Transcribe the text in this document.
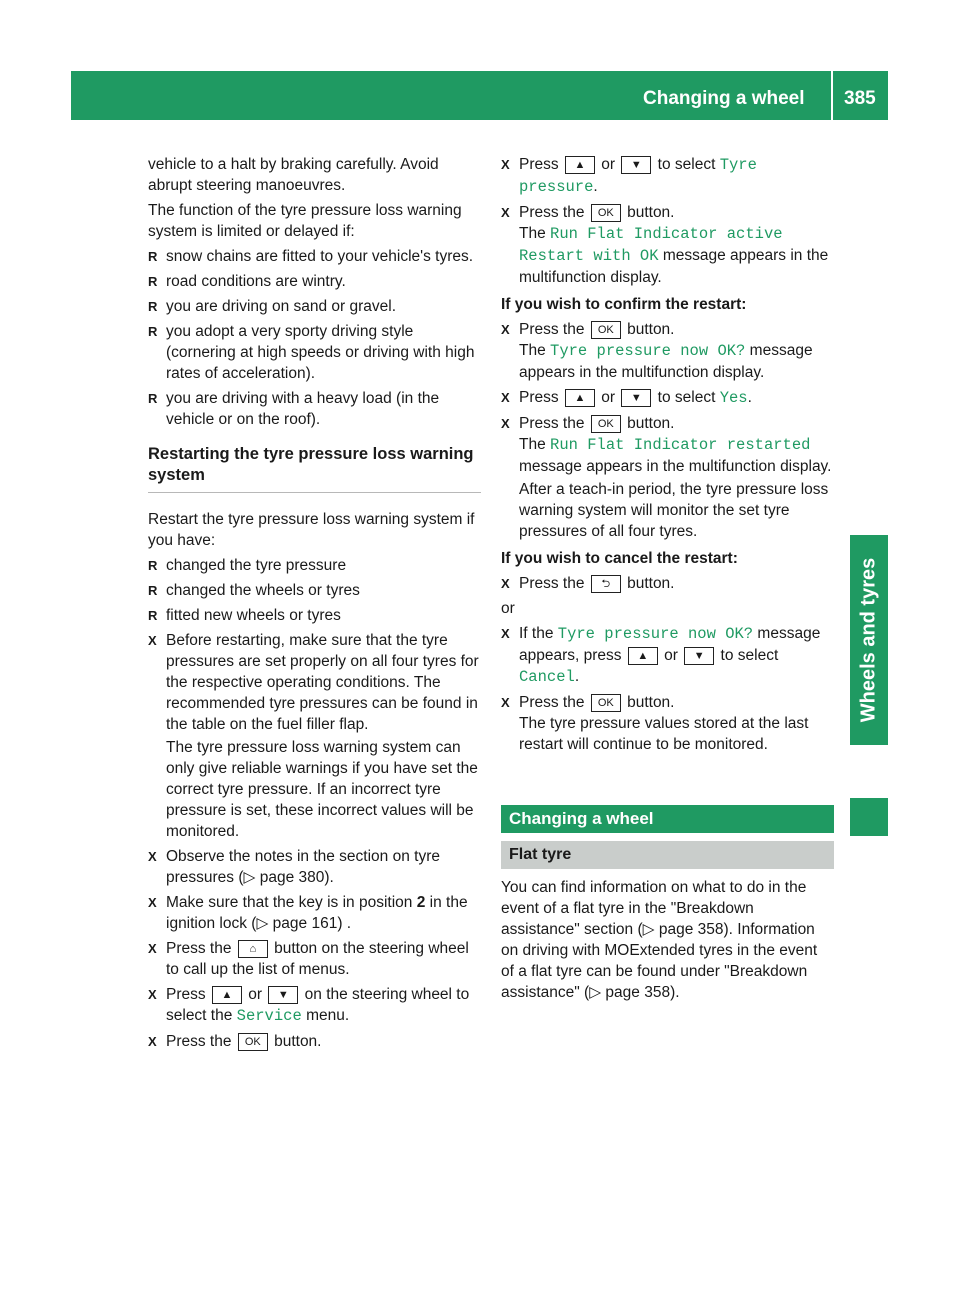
Changing a wheel 385
Wheels and tyres

vehicle to a halt by braking carefully. Avoid abrupt steering manoeuvres.

The function of the tyre pressure loss warning system is limited or delayed if:

R snow chains are fitted to your vehicle's tyres.
R road conditions are wintry.
R you are driving on sand or gravel.
R you adopt a very sporty driving style (cornering at high speeds or driving with high rates of acceleration).
R you are driving with a heavy load (in the vehicle or on the roof).
Restarting the tyre pressure loss warning system

Restart the tyre pressure loss warning system if you have:

R changed the tyre pressure
R changed the wheels or tyres
R fitted new wheels or tyres
X Before restarting, make sure that the tyre pressures are set properly on all four tyres for the respective operating conditions. The recommended tyre pressures can be found in the table on the fuel filler flap.
The tyre pressure loss warning system can only give reliable warnings if you have set the correct tyre pressure. If an incorrect tyre pressure is set, these incorrect values will be monitored.
X Observe the notes in the section on tyre pressures (▷ page 380).
X Make sure that the key is in position 2 in the ignition lock (▷ page 161) .
X Press the ⌂ button on the steering wheel to call up the list of menus.
X Press ▲ or ▼ on the steering wheel to select the Service menu.
X Press the OK button.
X Press ▲ or ▼ to select Tyre pressure.
X Press the OK button.
The Run Flat Indicator active Restart with OK message appears in the multifunction display.
If you wish to confirm the restart:
X Press the OK button.
The Tyre pressure now OK? message appears in the multifunction display.
X Press ▲ or ▼ to select Yes.
X Press the OK button.
The Run Flat Indicator restarted message appears in the multifunction display.
After a teach-in period, the tyre pressure loss warning system will monitor the set tyre pressures of all four tyres.
If you wish to cancel the restart:
X Press the ⮌ button.

or

X If the Tyre pressure now OK? message appears, press ▲ or ▼ to select Cancel.
X Press the OK button.
The tyre pressure values stored at the last restart will continue to be monitored.
Changing a wheel
Flat tyre

You can find information on what to do in the event of a flat tyre in the "Breakdown assistance" section (▷ page 358). Information on driving with MOExtended tyres in the event of a flat tyre can be found under "Breakdown assistance" (▷ page 358).
